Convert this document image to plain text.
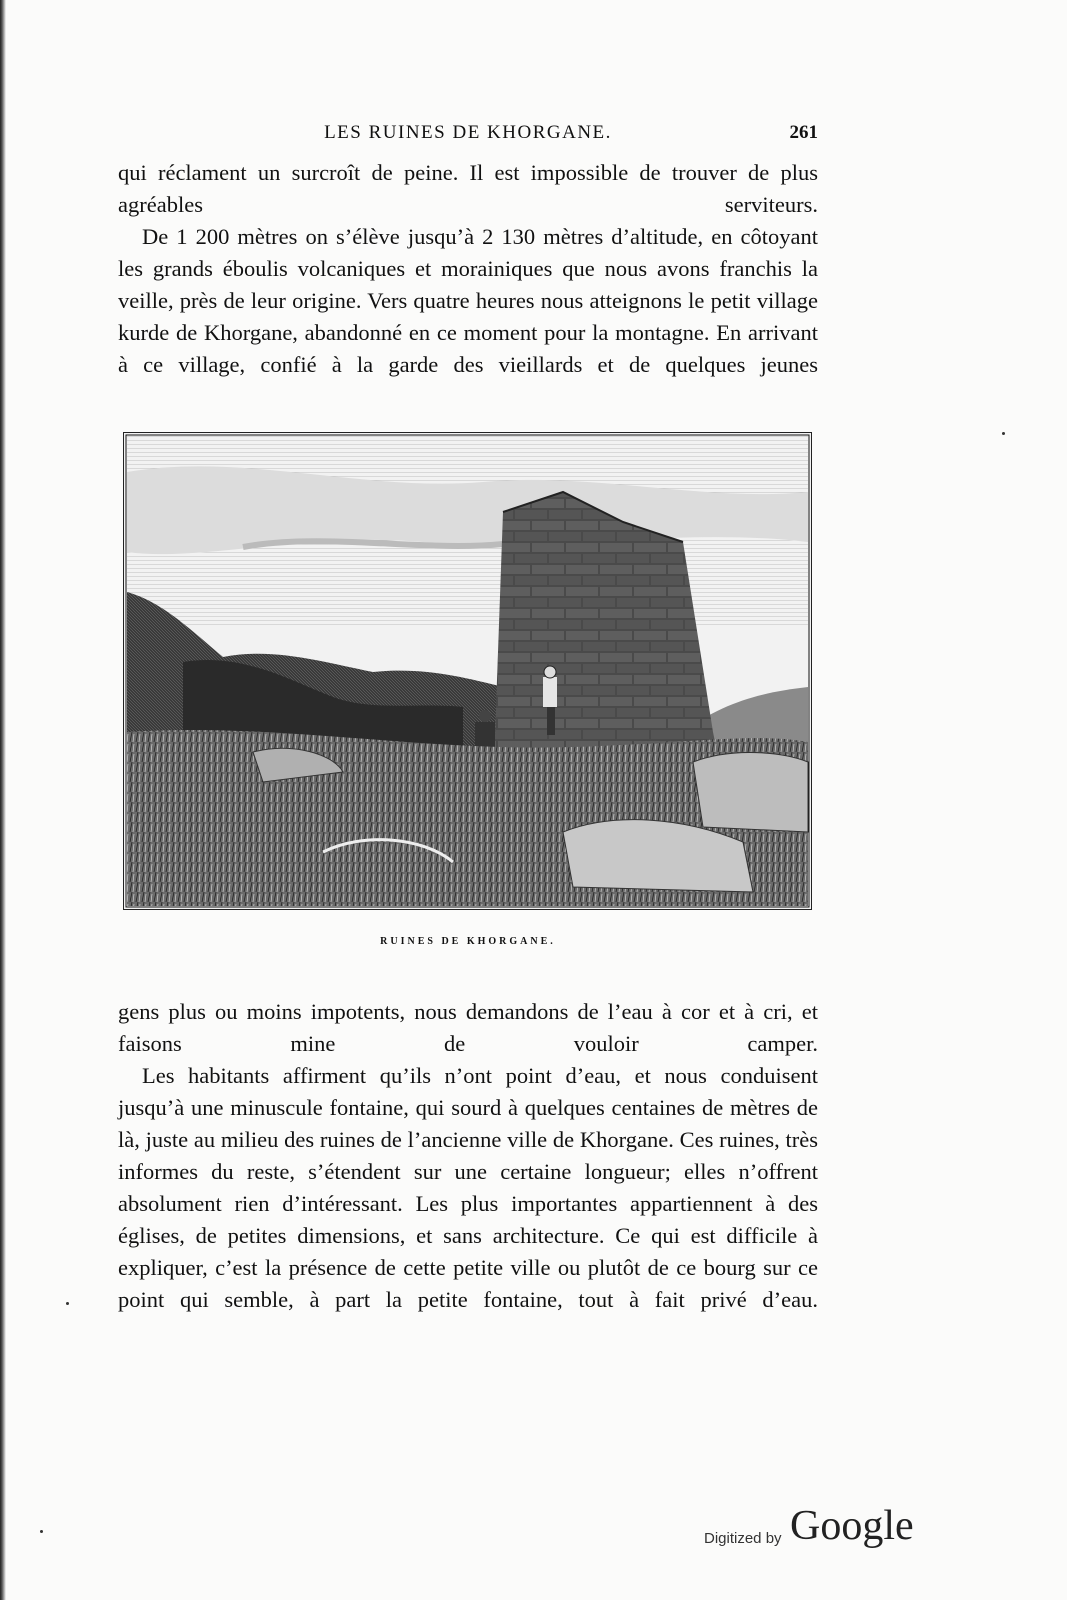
LES RUINES DE KHORGANE.	261

qui réclament un surcroît de peine. Il est impossible de trouver de plus agréables serviteurs.

De 1 200 mètres on s’élève jusqu’à 2 130 mètres d’altitude, en côtoyant les grands éboulis volcaniques et morainiques que nous avons franchis la veille, près de leur origine. Vers quatre heures nous atteignons le petit village kurde de Khorgane, abandonné en ce moment pour la montagne. En arrivant à ce village, confié à la garde des vieillards et de quelques jeunes

RUINES DE KHORGANE.

gens plus ou moins impotents, nous demandons de l’eau à cor et à cri, et faisons mine de vouloir camper.

Les habitants affirment qu’ils n’ont point d’eau, et nous conduisent jusqu’à une minuscule fontaine, qui sourd à quelques centaines de mètres de là, juste au milieu des ruines de l’ancienne ville de Khorgane. Ces ruines, très informes du reste, s’étendent sur une certaine longueur; elles n’offrent absolument rien d’intéressant. Les plus importantes appartiennent à des églises, de petites dimensions, et sans architecture. Ce qui est difficile à expliquer, c’est la présence de cette petite ville ou plutôt de ce bourg sur ce point qui semble, à part la petite fontaine, tout à fait privé d’eau.

Digitized by Google
